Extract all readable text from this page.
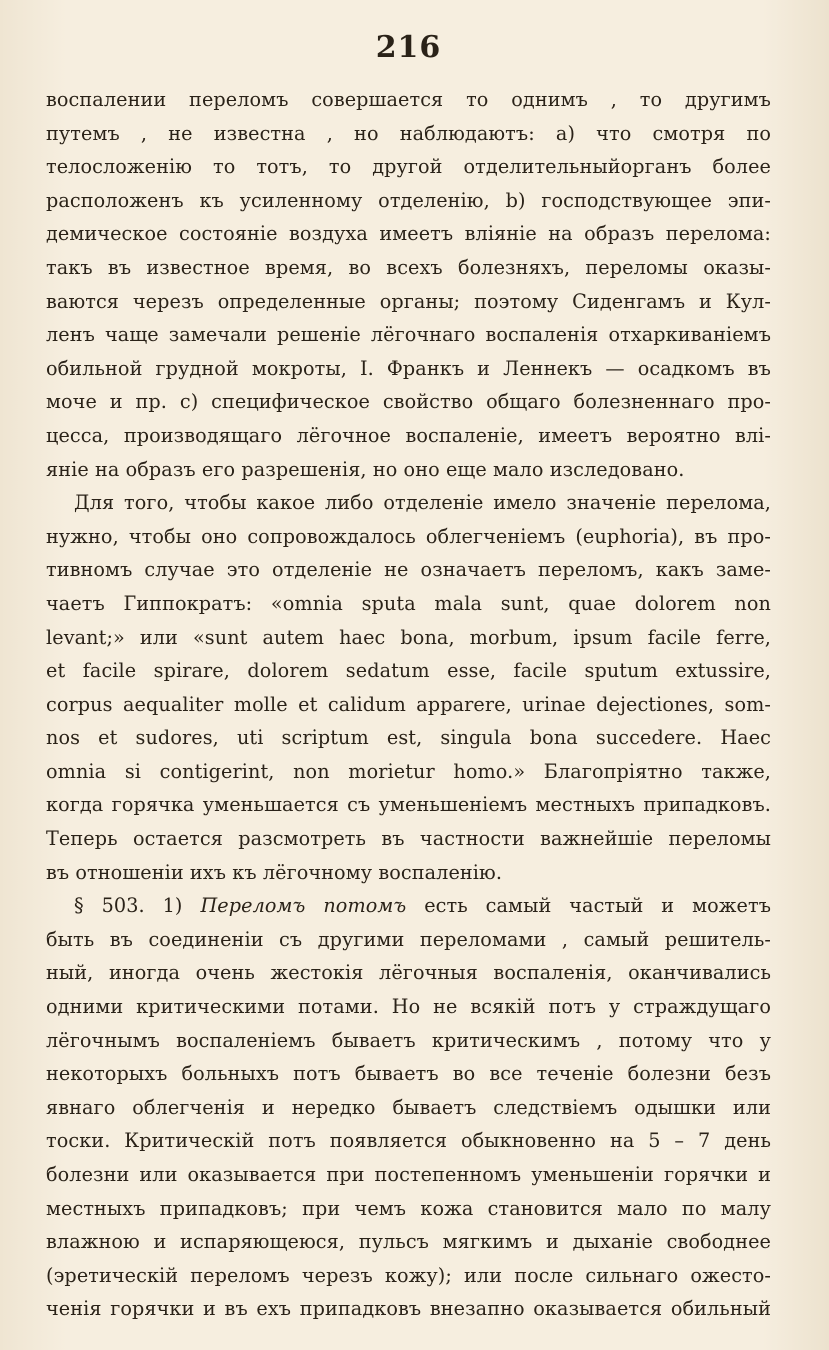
216

воспалении переломъ совершается то однимъ , то другимъ

путемъ , не известна , но наблюдаютъ: a) что смотря по

телосложенію то тотъ, то другой отделительныйорганъ более

расположенъ къ усиленному отделенію, b) господствующее эпи-

демическое состояніе воздуха имеетъ вліяніе на образъ перелома:

такъ въ известное время, во всехъ болезняхъ, переломы оказы-

ваются черезъ определенные органы; поэтому Сиденгамъ и Кул-

ленъ чаще замечали решеніе лёгочнаго воспаленія отхаркиваніемъ

обильной грудной мокроты, I. Франкъ и Леннекъ — осадкомъ въ

моче и пр. c) специфическое свойство общаго болезненнаго про-

цесса, производящаго лёгочное воспаленіе, имеетъ вероятно влі-

яніе на образъ его разрешенія, но оно еще мало изследовано.

Для того, чтобы какое либо отделеніе имело значеніе перелома,

нужно, чтобы оно сопровождалось облегченіемъ (euphoria), въ про-

тивномъ случае это отделеніе не означаетъ переломъ, какъ заме-

чаетъ Гиппократъ: «omnia sputa mala sunt, quae dolorem non

levant;» или «sunt autem haec bona, morbum, ipsum facile ferre,

et facile spirare, dolorem sedatum esse, facile sputum extussire,

corpus aequaliter molle et calidum apparere, urinae dejectiones, som-

nos et sudores, uti scriptum est, singula bona succedere. Haec

omnia si contigerint, non morietur homo.» Благопріятно также,

когда горячка уменьшается съ уменьшеніемъ местныхъ припадковъ.

Теперь остается разсмотреть въ частности важнейшіе переломы

въ отношеніи ихъ къ лёгочному воспаленію.

§ 503. 1) Переломъ потомъ есть самый частый и можетъ

быть въ соединеніи съ другими переломами , самый решитель-

ный, иногда очень жестокія лёгочныя воспаленія, оканчивались

одними критическими потами. Но не всякій потъ у страждущаго

лёгочнымъ воспаленіемъ бываетъ критическимъ , потому что у

некоторыхъ больныхъ потъ бываетъ во все теченіе болезни безъ

явнаго облегченія и нередко бываетъ следствіемъ одышки или

тоски. Критическій потъ появляется обыкновенно на 5 – 7 день

болезни или оказывается при постепенномъ уменьшеніи горячки и

местныхъ припадковъ; при чемъ кожа становится мало по малу

влажною и испаряющеюся, пульсъ мягкимъ и дыханіе свободнее

(эретическій переломъ черезъ кожу); или после сильнаго ожесто-

ченія горячки и въ ехъ припадковъ внезапно оказывается обильный
